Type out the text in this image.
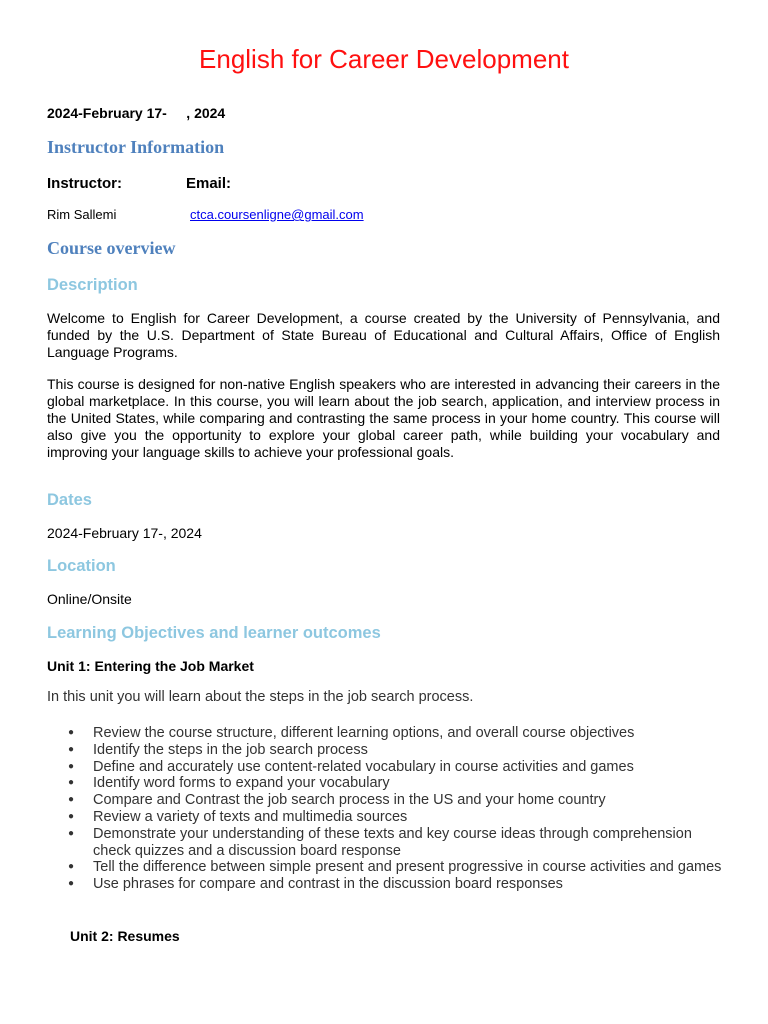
English for Career Development
2024-February 17-     , 2024
Instructor Information
Instructor:	Email:
Rim Sallemi	ctca.coursenligne@gmail.com
Course overview
Description
Welcome to English for Career Development, a course created by the University of Pennsylvania, and funded by the U.S. Department of State Bureau of Educational and Cultural Affairs, Office of English Language Programs.
This course is designed for non-native English speakers who are interested in advancing their careers in the global marketplace. In this course, you will learn about the job search, application, and interview process in the United States, while comparing and contrasting the same process in your home country. This course will also give you the opportunity to explore your global career path, while building your vocabulary and improving your language skills to achieve your professional goals.
Dates
2024-February 17-, 2024
Location
Online/Onsite
Learning Objectives and learner outcomes
Unit 1: Entering the Job Market
In this unit you will learn about the steps in the job search process.
● Review the course structure, different learning options, and overall course objectives
● Identify the steps in the job search process
● Define and accurately use content-related vocabulary in course activities and games
● Identify word forms to expand your vocabulary
● Compare and Contrast the job search process in the US and your home country
● Review a variety of texts and multimedia sources
● Demonstrate your understanding of these texts and key course ideas through comprehension check quizzes and a discussion board response
● Tell the difference between simple present and present progressive in course activities and games
● Use phrases for compare and contrast in the discussion board responses
Unit 2: Resumes
